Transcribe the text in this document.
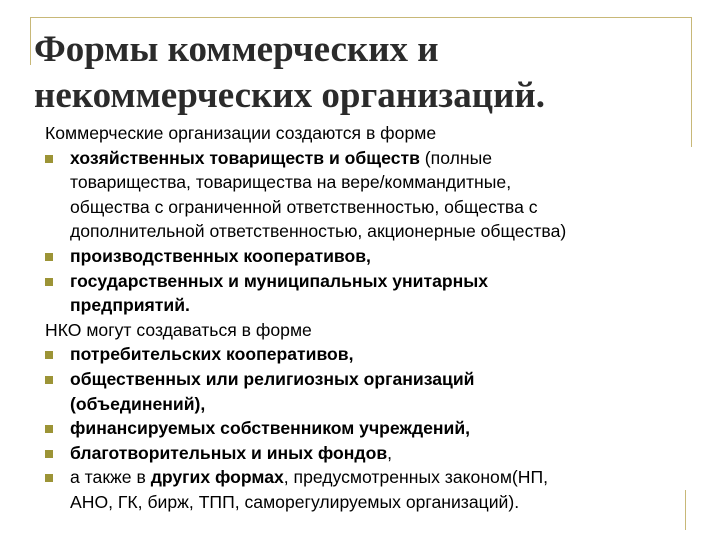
Формы коммерческих и
некоммерческих организаций.
Коммерческие организации создаются в форме
хозяйственных товариществ и обществ (полные
товарищества, товарищества на вере/коммандитные,
общества с ограниченной ответственностью, общества с
дополнительной ответственностью, акционерные общества)
производственных кооперативов,
государственных и муниципальных унитарных
предприятий.
НКО могут создаваться в форме
потребительских кооперативов,
общественных или религиозных организаций
(объединений),
финансируемых собственником учреждений,
благотворительных и иных фондов,
а также в других формах, предусмотренных законом(НП,
АНО, ГК, бирж, ТПП, саморегулируемых организаций).
